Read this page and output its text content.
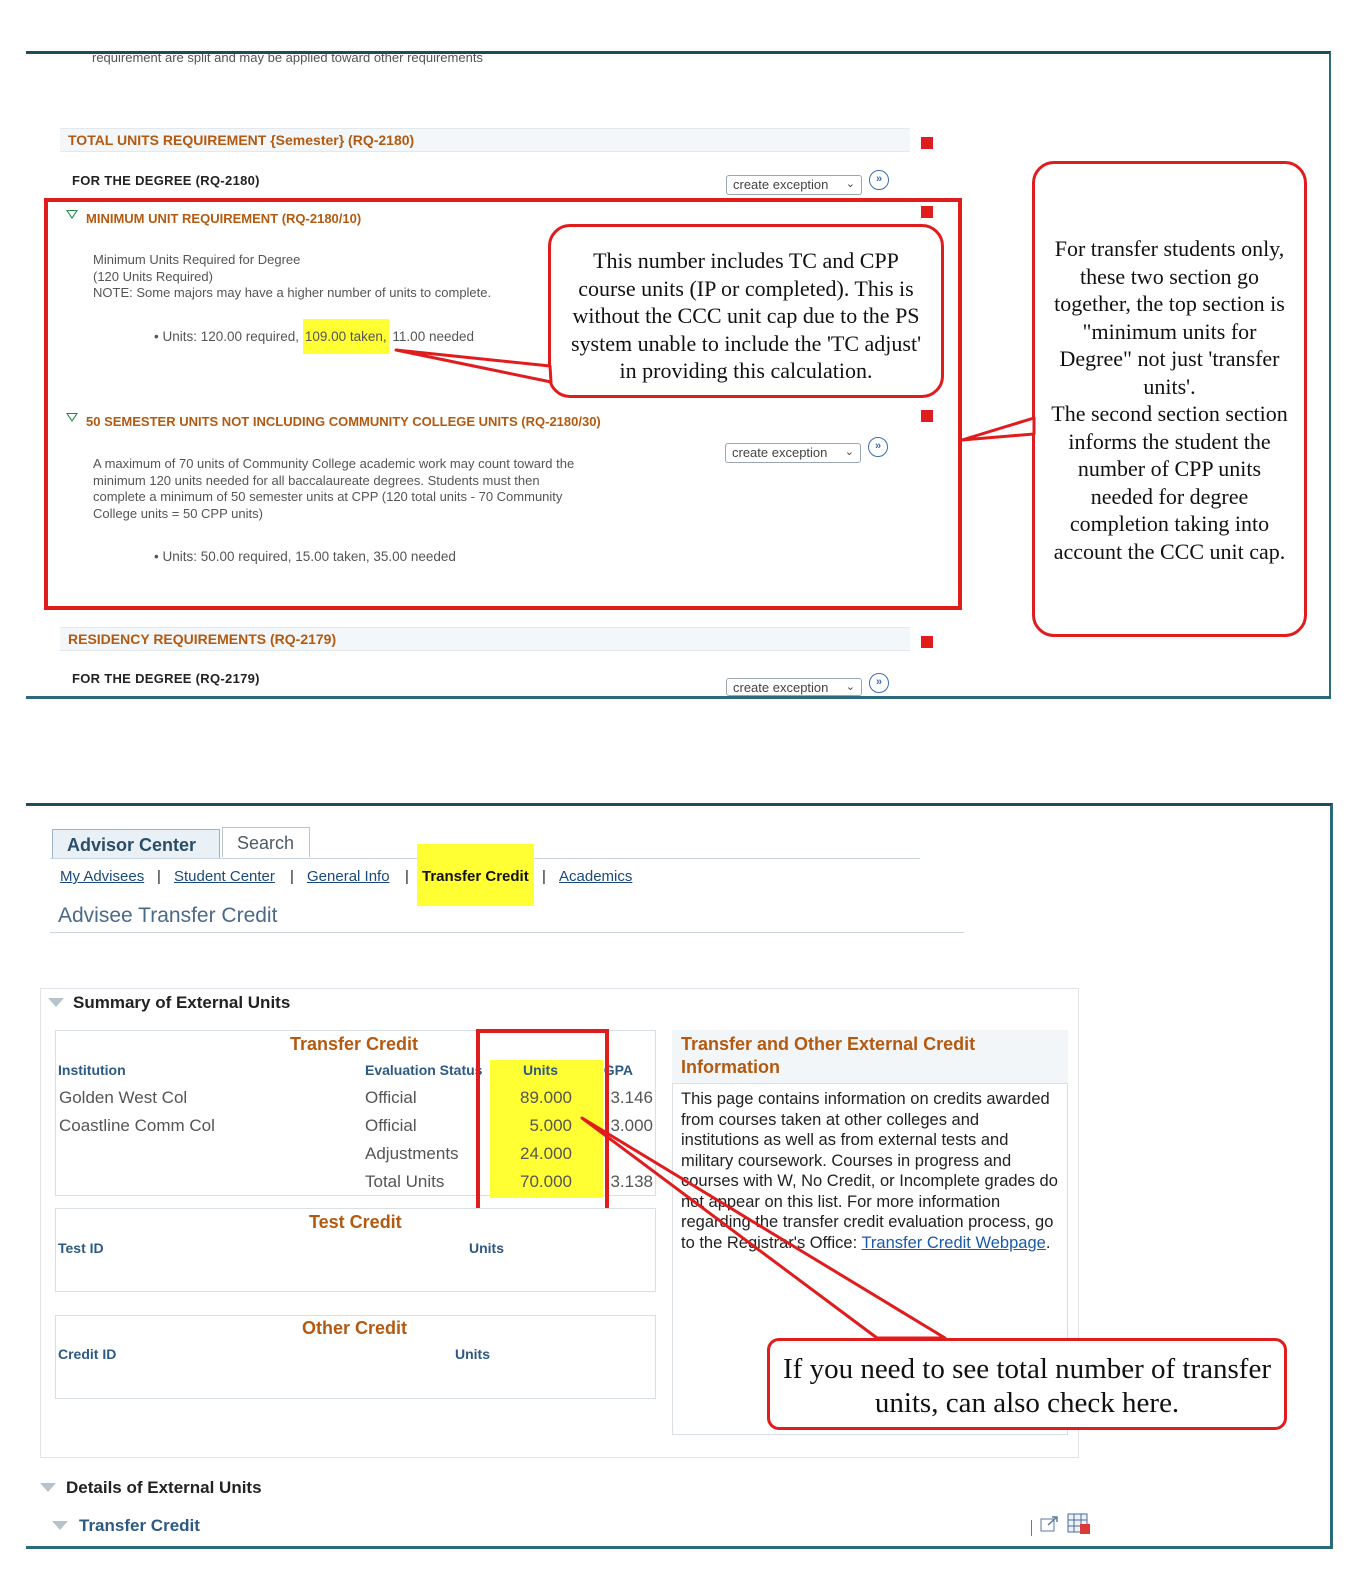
requirement are split and may be applied toward other requirements
TOTAL UNITS REQUIREMENT {Semester} (RQ-2180)
FOR THE DEGREE (RQ-2180)	create exception ⌄	»
MINIMUM UNIT REQUIREMENT (RQ-2180/10)
Minimum Units Required for Degree
(120 Units Required)
NOTE: Some majors may have a higher number of units to complete.
• Units: 120.00 required, 109.00 taken, 11.00 needed
50 SEMESTER UNITS NOT INCLUDING COMMUNITY COLLEGE UNITS (RQ-2180/30)
create exception ⌄	»
A maximum of 70 units of Community College academic work may count toward the
minimum 120 units needed for all baccalaureate degrees. Students must then
complete a minimum of 50 semester units at CPP (120 total units - 70 Community
College units = 50 CPP units)
• Units: 50.00 required, 15.00 taken, 35.00 needed
RESIDENCY REQUIREMENTS (RQ-2179)
FOR THE DEGREE (RQ-2179)
create exception ⌄	»
This number includes TC and CPP
course units (IP or completed). This is
without the CCC unit cap due to the PS
system unable to include the 'TC adjust'
in providing this calculation.
For transfer students only,
these two section go
together, the top section is
"minimum units for
Degree" not just 'transfer
units'.
The second section section
informs the student the
number of CPP units
needed for degree
completion taking into
account the CCC unit cap.
Advisor Center	Search
My Advisees | Student Center | General Info | Transfer Credit | Academics
Advisee Transfer Credit
Summary of External Units
Transfer Credit
Institution	Evaluation Status	Units	GPA
Golden West Col	Official	89.000 3.146
Coastline Comm Col	Official	5.000 3.000
Adjustments	24.000
Total Units	70.000 3.138
Test Credit
Test ID	Units
Other Credit
Credit ID	Units
Transfer and Other External Credit
Information
This page contains information on credits awarded from courses taken at other colleges and institutions as well as from external tests and military coursework. Courses in progress and courses with W, No Credit, or Incomplete grades do not appear on this list. For more information regarding the transfer credit evaluation process, go to the Registrar's Office: Transfer Credit Webpage.
Details of External Units
Transfer Credit
If you need to see total number of transfer
units, can also check here.
